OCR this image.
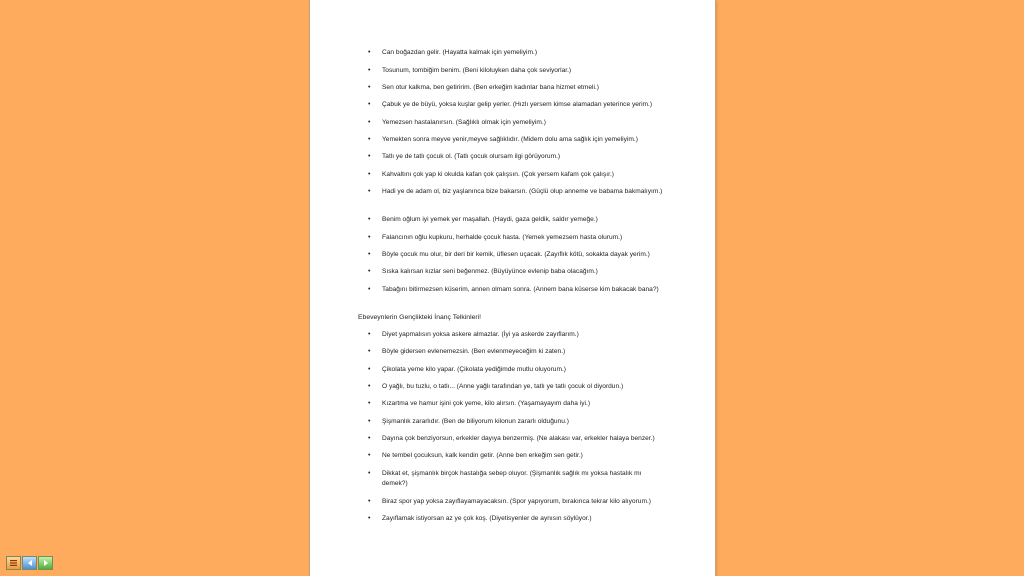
• Can boğazdan gelir. (Hayatta kalmak için yemeliyim.)
• Tosunum, tombiğim benim. (Beni kiloluyken daha çok seviyorlar.)
• Sen otur kalkma, ben getiririm. (Ben erkeğim kadınlar bana hizmet etmeli.)
• Çabuk ye de büyü, yoksa kuşlar gelip yerler. (Hızlı yersem kimse alamadan yeterince yerim.)
• Yemezsen hastalanırsın. (Sağlıklı olmak için yemeliyim.)
• Yemekten sonra meyve yenir,meyve sağlıklıdır. (Midem dolu ama sağlık için yemeliyim.)
• Tatlı ye de tatlı çocuk ol. (Tatlı çocuk olursam ilgi görüyorum.)
• Kahvaltını çok yap ki okulda kafan çok çalışsın. (Çok yersem kafam çok çalışır.)
• Hadi ye de adam ol, biz yaşlanınca bize bakarsın. (Güçlü olup anneme ve babama bakmalıyım.)
• Benim oğlum iyi yemek yer maşallah. (Haydi, gaza geldik, saldır yemeğe.)
• Falancının oğlu kupkuru, herhalde çocuk hasta. (Yemek yemezsem hasta olurum.)
• Böyle çocuk mu olur, bir deri bir kemik, üflesen uçacak. (Zayıflık kötü, sokakta dayak yerim.)
• Sıska kalırsan kızlar seni beğenmez. (Büyüyünce evlenip baba olacağım.)
• Tabağını bitirmezsen küserim, annen olmam sonra. (Annem bana küserse kim bakacak bana?)
Ebeveynlerin Gençlikteki İnanç Telkinleri!
• Diyet yapmalısın yoksa askere almazlar. (İyi ya askerde zayıflarım.)
• Böyle gidersen evlenemezsin. (Ben evlenmeyeceğim ki zaten.)
• Çikolata yeme kilo yapar. (Çikolata yediğimde mutlu oluyorum.)
• O yağlı, bu tuzlu, o tatlı... (Anne yağlı tarafından ye, tatlı ye tatlı çocuk ol diyordun.)
• Kızartma ve hamur işini çok yeme, kilo alırsın. (Yaşamayayım daha iyi.)
• Şişmanlık zararlıdır. (Ben de biliyorum kilonun zararlı olduğunu.)
• Dayına çok benziyorsun, erkekler dayıya benzermiş. (Ne alakası var, erkekler halaya benzer.)
• Ne tembel çocuksun, kalk kendin getir. (Anne ben erkeğim sen getir.)
• Dikkat et, şişmanlık birçok hastalığa sebep oluyor. (Şişmanlık sağlık mı yoksa hastalık mı demek?)
• Biraz spor yap yoksa zayıflayamayacaksın. (Spor yapıyorum, bırakınca tekrar kilo alıyorum.)
• Zayıflamak istiyorsan az ye çok koş. (Diyetisyenler de aynısın söylüyor.)
